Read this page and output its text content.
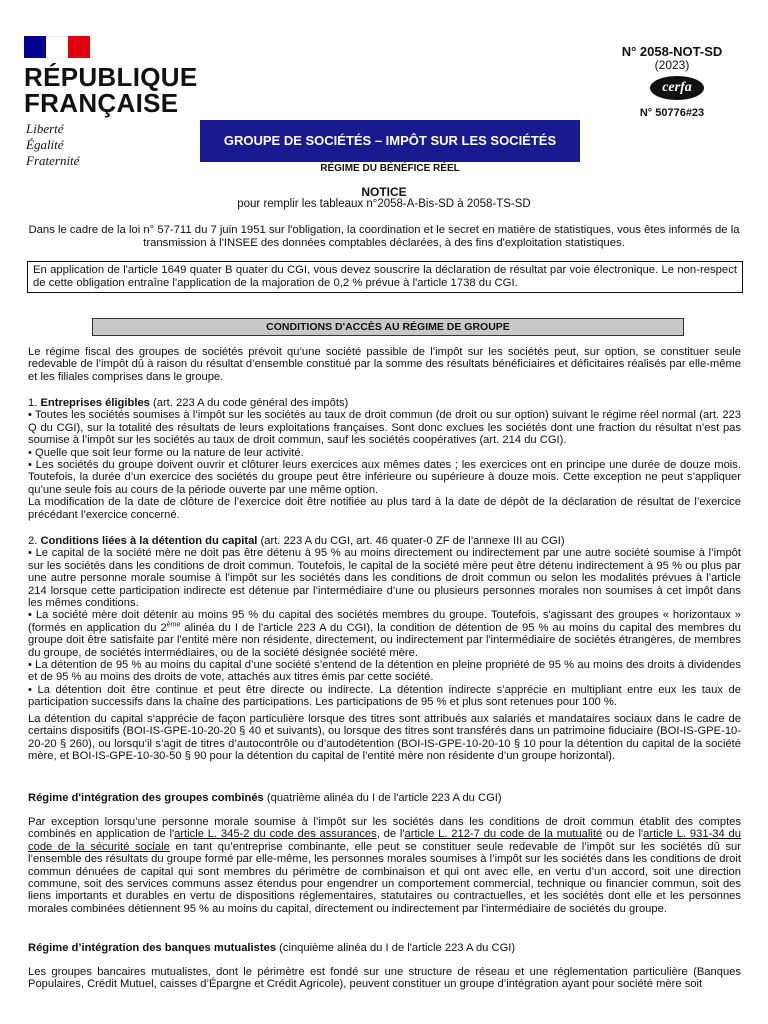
RÉPUBLIQUE
FRANÇAISE
Liberté
Égalité
Fraternité
N° 2058-NOT-SD
(2023)
cerfa
N° 50776#23
GROUPE DE SOCIÉTÉS – IMPÔT SUR LES SOCIÉTÉS
RÉGIME DU BÉNÉFICE RÉEL
NOTICE
pour remplir les tableaux n°2058-A-Bis-SD à 2058-TS-SD
Dans le cadre de la loi n° 57-711 du 7 juin 1951 sur l'obligation, la coordination et le secret en matière de statistiques, vous êtes informés de la transmission à l'INSEE des données comptables déclarées, à des fins d'exploitation statistiques.
En application de l'article 1649 quater B quater du CGI, vous devez souscrire la déclaration de résultat par voie électronique. Le non-respect de cette obligation entraîne l'application de la majoration de 0,2 % prévue à l'article 1738 du CGI.
CONDITIONS D'ACCÈS AU RÉGIME DE GROUPE

Le régime fiscal des groupes de sociétés prévoit qu’une société passible de l’impôt sur les sociétés peut, sur option, se constituer seule redevable de l’impôt dû à raison du résultat d’ensemble constitué par la somme des résultats bénéficiaires et déficitaires réalisés par elle-même et les filiales comprises dans le groupe.

1. Entreprises éligibles (art. 223 A du code général des impôts)

• Toutes les sociétés soumises à l’impôt sur les sociétés au taux de droit commun (de droit ou sur option) suivant le régime réel normal (art. 223 Q du CGI), sur la totalité des résultats de leurs exploitations françaises. Sont donc exclues les sociétés dont une fraction du résultat n’est pas soumise à l’impôt sur les sociétés au taux de droit commun, sauf les sociétés coopératives (art. 214 du CGI).

• Quelle que soit leur forme ou la nature de leur activité.

• Les sociétés du groupe doivent ouvrir et clôturer leurs exercices aux mêmes dates ; les exercices ont en principe une durée de douze mois. Toutefois, la durée d’un exercice des sociétés du groupe peut être inférieure ou supérieure à douze mois. Cette exception ne peut s’appliquer qu’une seule fois au cours de la période ouverte par une même option.

La modification de la date de clôture de l’exercice doit être notifiée au plus tard à la date de dépôt de la déclaration de résultat de l’exercice précédant l’exercice concerné.

2. Conditions liées à la détention du capital (art. 223 A du CGI, art. 46 quater-0 ZF de l’annexe III au CGI)

• Le capital de la société mère ne doit pas être détenu à 95 % au moins directement ou indirectement par une autre société soumise à l’impôt sur les sociétés dans les conditions de droit commun. Toutefois, le capital de la société mère peut être détenu indirectement à 95 % ou plus par une autre personne morale soumise à l’impôt sur les sociétés dans les conditions de droit commun ou selon les modalités prévues à l’article 214 lorsque cette participation indirecte est détenue par l’intermédiaire d’une ou plusieurs personnes morales non soumises à cet impôt dans les mêmes conditions.

• La société mère doit détenir au moins 95 % du capital des sociétés membres du groupe. Toutefois, s'agissant des groupes « horizontaux » (formés en application du 2ème alinéa du I de l'article 223 A du CGI), la condition de détention de 95 % au moins du capital des membres du groupe doit être satisfaite par l'entité mère non résidente, directement, ou indirectement par l'intermédiaire de sociétés étrangères, de membres du groupe, de sociétés intermédiaires, ou de la société désignée société mère.

• La détention de 95 % au moins du capital d’une société s’entend de la détention en pleine propriété de 95 % au moins des droits à dividendes et de 95 % au moins des droits de vote, attachés aux titres émis par cette société.

• La détention doit être continue et peut être directe ou indirecte. La détention indirecte s’apprécie en multipliant entre eux les taux de participation successifs dans la chaîne des participations. Les participations de 95 % et plus sont retenues pour 100 %.

La détention du capital s’apprécie de façon particulière lorsque des titres sont attribués aux salariés et mandataires sociaux dans le cadre de certains dispositifs (BOI-IS-GPE-10-20-20 § 40 et suivants), ou lorsque des titres sont transférés dans un patrimoine fiduciaire (BOI-IS-GPE-10-20-20 § 260), ou lorsqu’il s’agit de titres d’autocontrôle ou d’autodétention (BOI-IS-GPE-10-20-10 § 10 pour la détention du capital de la société mère, et BOI-IS-GPE-10-30-50 § 90 pour la détention du capital de l’entité mère non résidente d’un groupe horizontal).

Régime d'intégration des groupes combinés (quatrième alinéa du I de l'article 223 A du CGI)

Par exception lorsqu’une personne morale soumise à l’impôt sur les sociétés dans les conditions de droit commun établit des comptes combinés en application de l'article L. 345-2 du code des assurances, de l'article L. 212-7 du code de la mutualité ou de l'article L. 931-34 du code de la sécurité sociale en tant qu’entreprise combinante, elle peut se constituer seule redevable de l’impôt sur les sociétés dû sur l’ensemble des résultats du groupe formé par elle-même, les personnes morales soumises à l’impôt sur les sociétés dans les conditions de droit commun dénuées de capital qui sont membres du périmètre de combinaison et qui ont avec elle, en vertu d’un accord, soit une direction commune, soit des services communs assez étendus pour engendrer un comportement commercial, technique ou financier commun, soit des liens importants et durables en vertu de dispositions réglementaires, statutaires ou contractuelles, et les sociétés dont elle et les personnes morales combinées détiennent 95 % au moins du capital, directement ou indirectement par l'intermédiaire de sociétés du groupe.

Régime d’intégration des banques mutualistes (cinquième alinéa du I de l'article 223 A du CGI)

Les groupes bancaires mutualistes, dont le périmètre est fondé sur une structure de réseau et une réglementation particulière (Banques Populaires, Crédit Mutuel, caisses d’Épargne et Crédit Agricole), peuvent constituer un groupe d’intégration ayant pour société mère soit
